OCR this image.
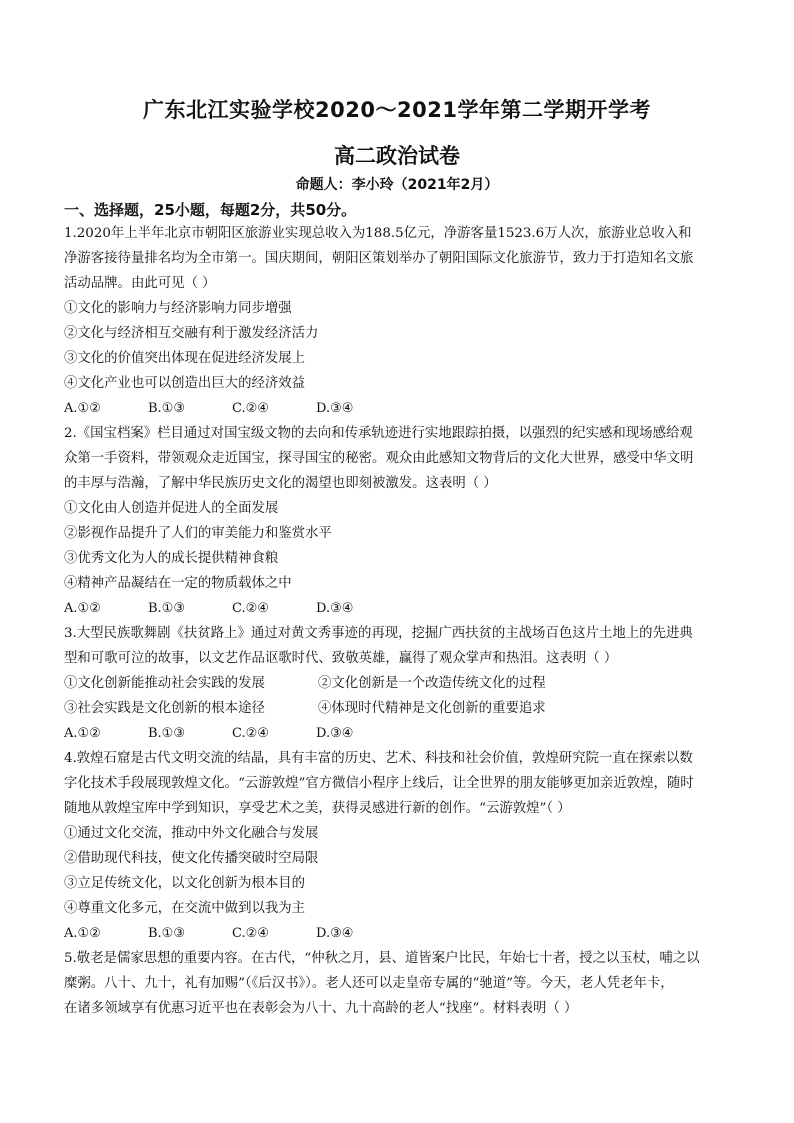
广东北江实验学校2020～2021学年第二学期开学考
高二政治试卷
命题人：李小玲（2021年2月）
一、选择题，25小题，每题2分，共50分。
1.2020年上半年北京市朝阳区旅游业实现总收入为188.5亿元，净游客量1523.6万人次，旅游业总收入和
净游客接待量排名均为全市第一。国庆期间，朝阳区策划举办了朝阳国际文化旅游节，致力于打造知名文旅
活动品牌。由此可见（ ）
①文化的影响力与经济影响力同步增强
②文化与经济相互交融有利于激发经济活力
③文化的价值突出体现在促进经济发展上
④文化产业也可以创造出巨大的经济效益
A.①②	B.①③	C.②④	D.③④
2.《国宝档案》栏目通过对国宝级文物的去向和传承轨迹进行实地跟踪拍摄，以强烈的纪实感和现场感给观
众第一手资料，带领观众走近国宝，探寻国宝的秘密。观众由此感知文物背后的文化大世界，感受中华文明
的丰厚与浩瀚，了解中华民族历史文化的渴望也即刻被激发。这表明（ ）
①文化由人创造并促进人的全面发展
②影视作品提升了人们的审美能力和鉴赏水平
③优秀文化为人的成长提供精神食粮
④精神产品凝结在一定的物质载体之中
A.①②	B.①③	C.②④	D.③④
3.大型民族歌舞剧《扶贫路上》通过对黄文秀事迹的再现，挖掘广西扶贫的主战场百色这片土地上的先进典
型和可歌可泣的故事，以文艺作品讴歌时代、致敬英雄，赢得了观众掌声和热泪。这表明（ ）
①文化创新能推动社会实践的发展	②文化创新是一个改造传统文化的过程
③社会实践是文化创新的根本途径	④体现时代精神是文化创新的重要追求
A.①②	B.①③	C.②④	D.③④
4.敦煌石窟是古代文明交流的结晶，具有丰富的历史、艺术、科技和社会价值，敦煌研究院一直在探索以数
字化技术手段展现敦煌文化。“云游敦煌”官方微信小程序上线后，让全世界的朋友能够更加亲近敦煌，随时
随地从敦煌宝库中学到知识，享受艺术之美，获得灵感进行新的创作。“云游敦煌”（ ）
①通过文化交流，推动中外文化融合与发展
②借助现代科技，使文化传播突破时空局限
③立足传统文化，以文化创新为根本目的
④尊重文化多元，在交流中做到以我为主
A.①②	B.①③	C.②④	D.③④
5.敬老是儒家思想的重要内容。在古代，“仲秋之月，县、道皆案户比民，年始七十者，授之以玉杖，哺之以
糜粥。八十、九十，礼有加赐”（《后汉书》）。老人还可以走皇帝专属的“驰道”等。今天，老人凭老年卡，
在诸多领域享有优惠习近平也在表彰会为八十、九十高龄的老人“找座”。材料表明（ ）
